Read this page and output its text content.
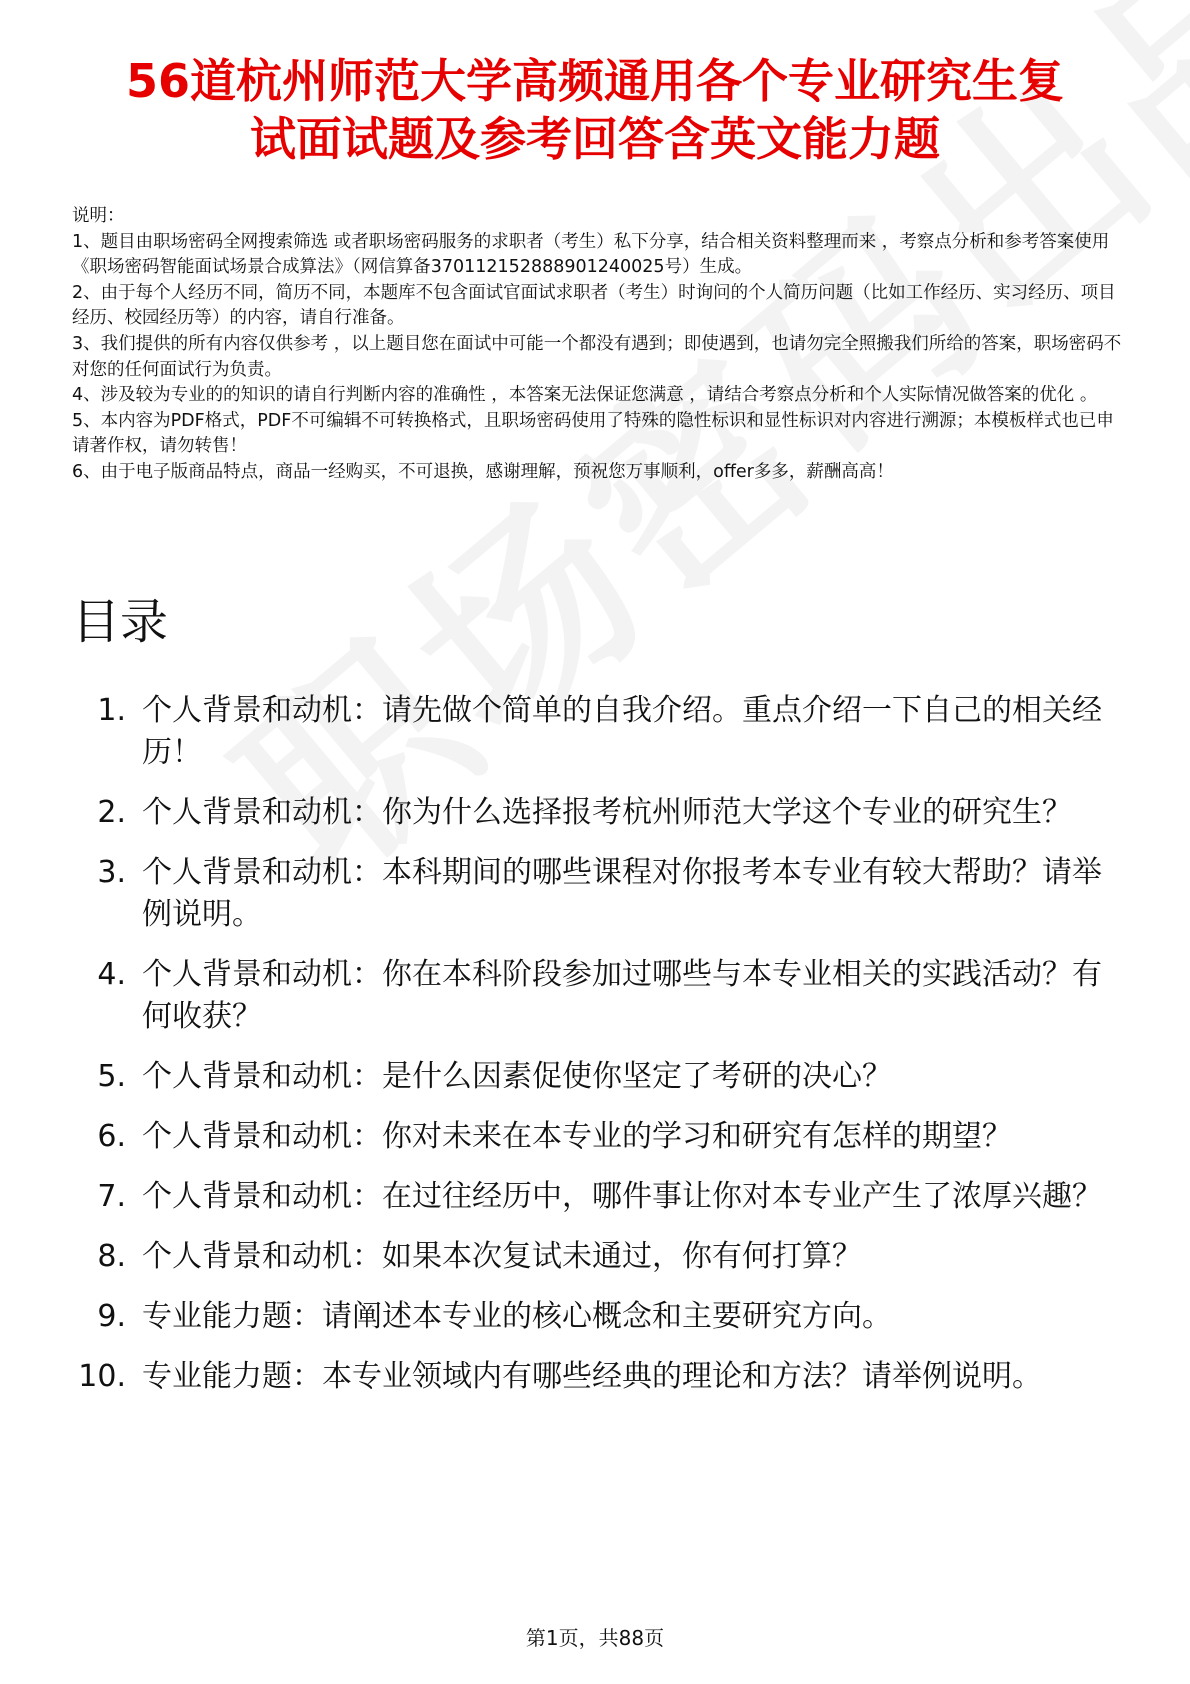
56道杭州师范大学高频通用各个专业研究生复
试面试题及参考回答含英文能力题

说明：

1、题目由职场密码全网搜索筛选 或者职场密码服务的求职者（考生）私下分享，结合相关资料整理而来 ，考察点分析和参考答案使用《职场密码智能面试场景合成算法》（网信算备370112152888901240025号）生成。

2、由于每个人经历不同，简历不同，本题库不包含面试官面试求职者（考生）时询问的个人简历问题（比如工作经历、实习经历、项目经历、校园经历等）的内容，请自行准备。

3、我们提供的所有内容仅供参考 ，以上题目您在面试中可能一个都没有遇到；即使遇到，也请勿完全照搬我们所给的答案，职场密码不对您的任何面试行为负责。

4、涉及较为专业的的知识的请自行判断内容的准确性 ，本答案无法保证您满意 ，请结合考察点分析和个人实际情况做答案的优化 。

5、本内容为PDF格式，PDF不可编辑不可转换格式，且职场密码使用了特殊的隐性标识和显性标识对内容进行溯源；本模板样式也已申请著作权，请勿转售！

6、由于电子版商品特点，商品一经购买，不可退换，感谢理解，预祝您万事顺利，offer多多，薪酬高高！

目录
1. 个人背景和动机：请先做个简单的自我介绍。重点介绍一下自己的相关经历！
2. 个人背景和动机：你为什么选择报考杭州师范大学这个专业的研究生？
3. 个人背景和动机：本科期间的哪些课程对你报考本专业有较大帮助？请举例说明。
4. 个人背景和动机：你在本科阶段参加过哪些与本专业相关的实践活动？有何收获？
5. 个人背景和动机：是什么因素促使你坚定了考研的决心？
6. 个人背景和动机：你对未来在本专业的学习和研究有怎样的期望？
7. 个人背景和动机：在过往经历中，哪件事让你对本专业产生了浓厚兴趣？
8. 个人背景和动机：如果本次复试未通过，你有何打算？
9. 专业能力题：请阐述本专业的核心概念和主要研究方向。
10. 专业能力题：本专业领域内有哪些经典的理论和方法？请举例说明。
第1页，共88页
